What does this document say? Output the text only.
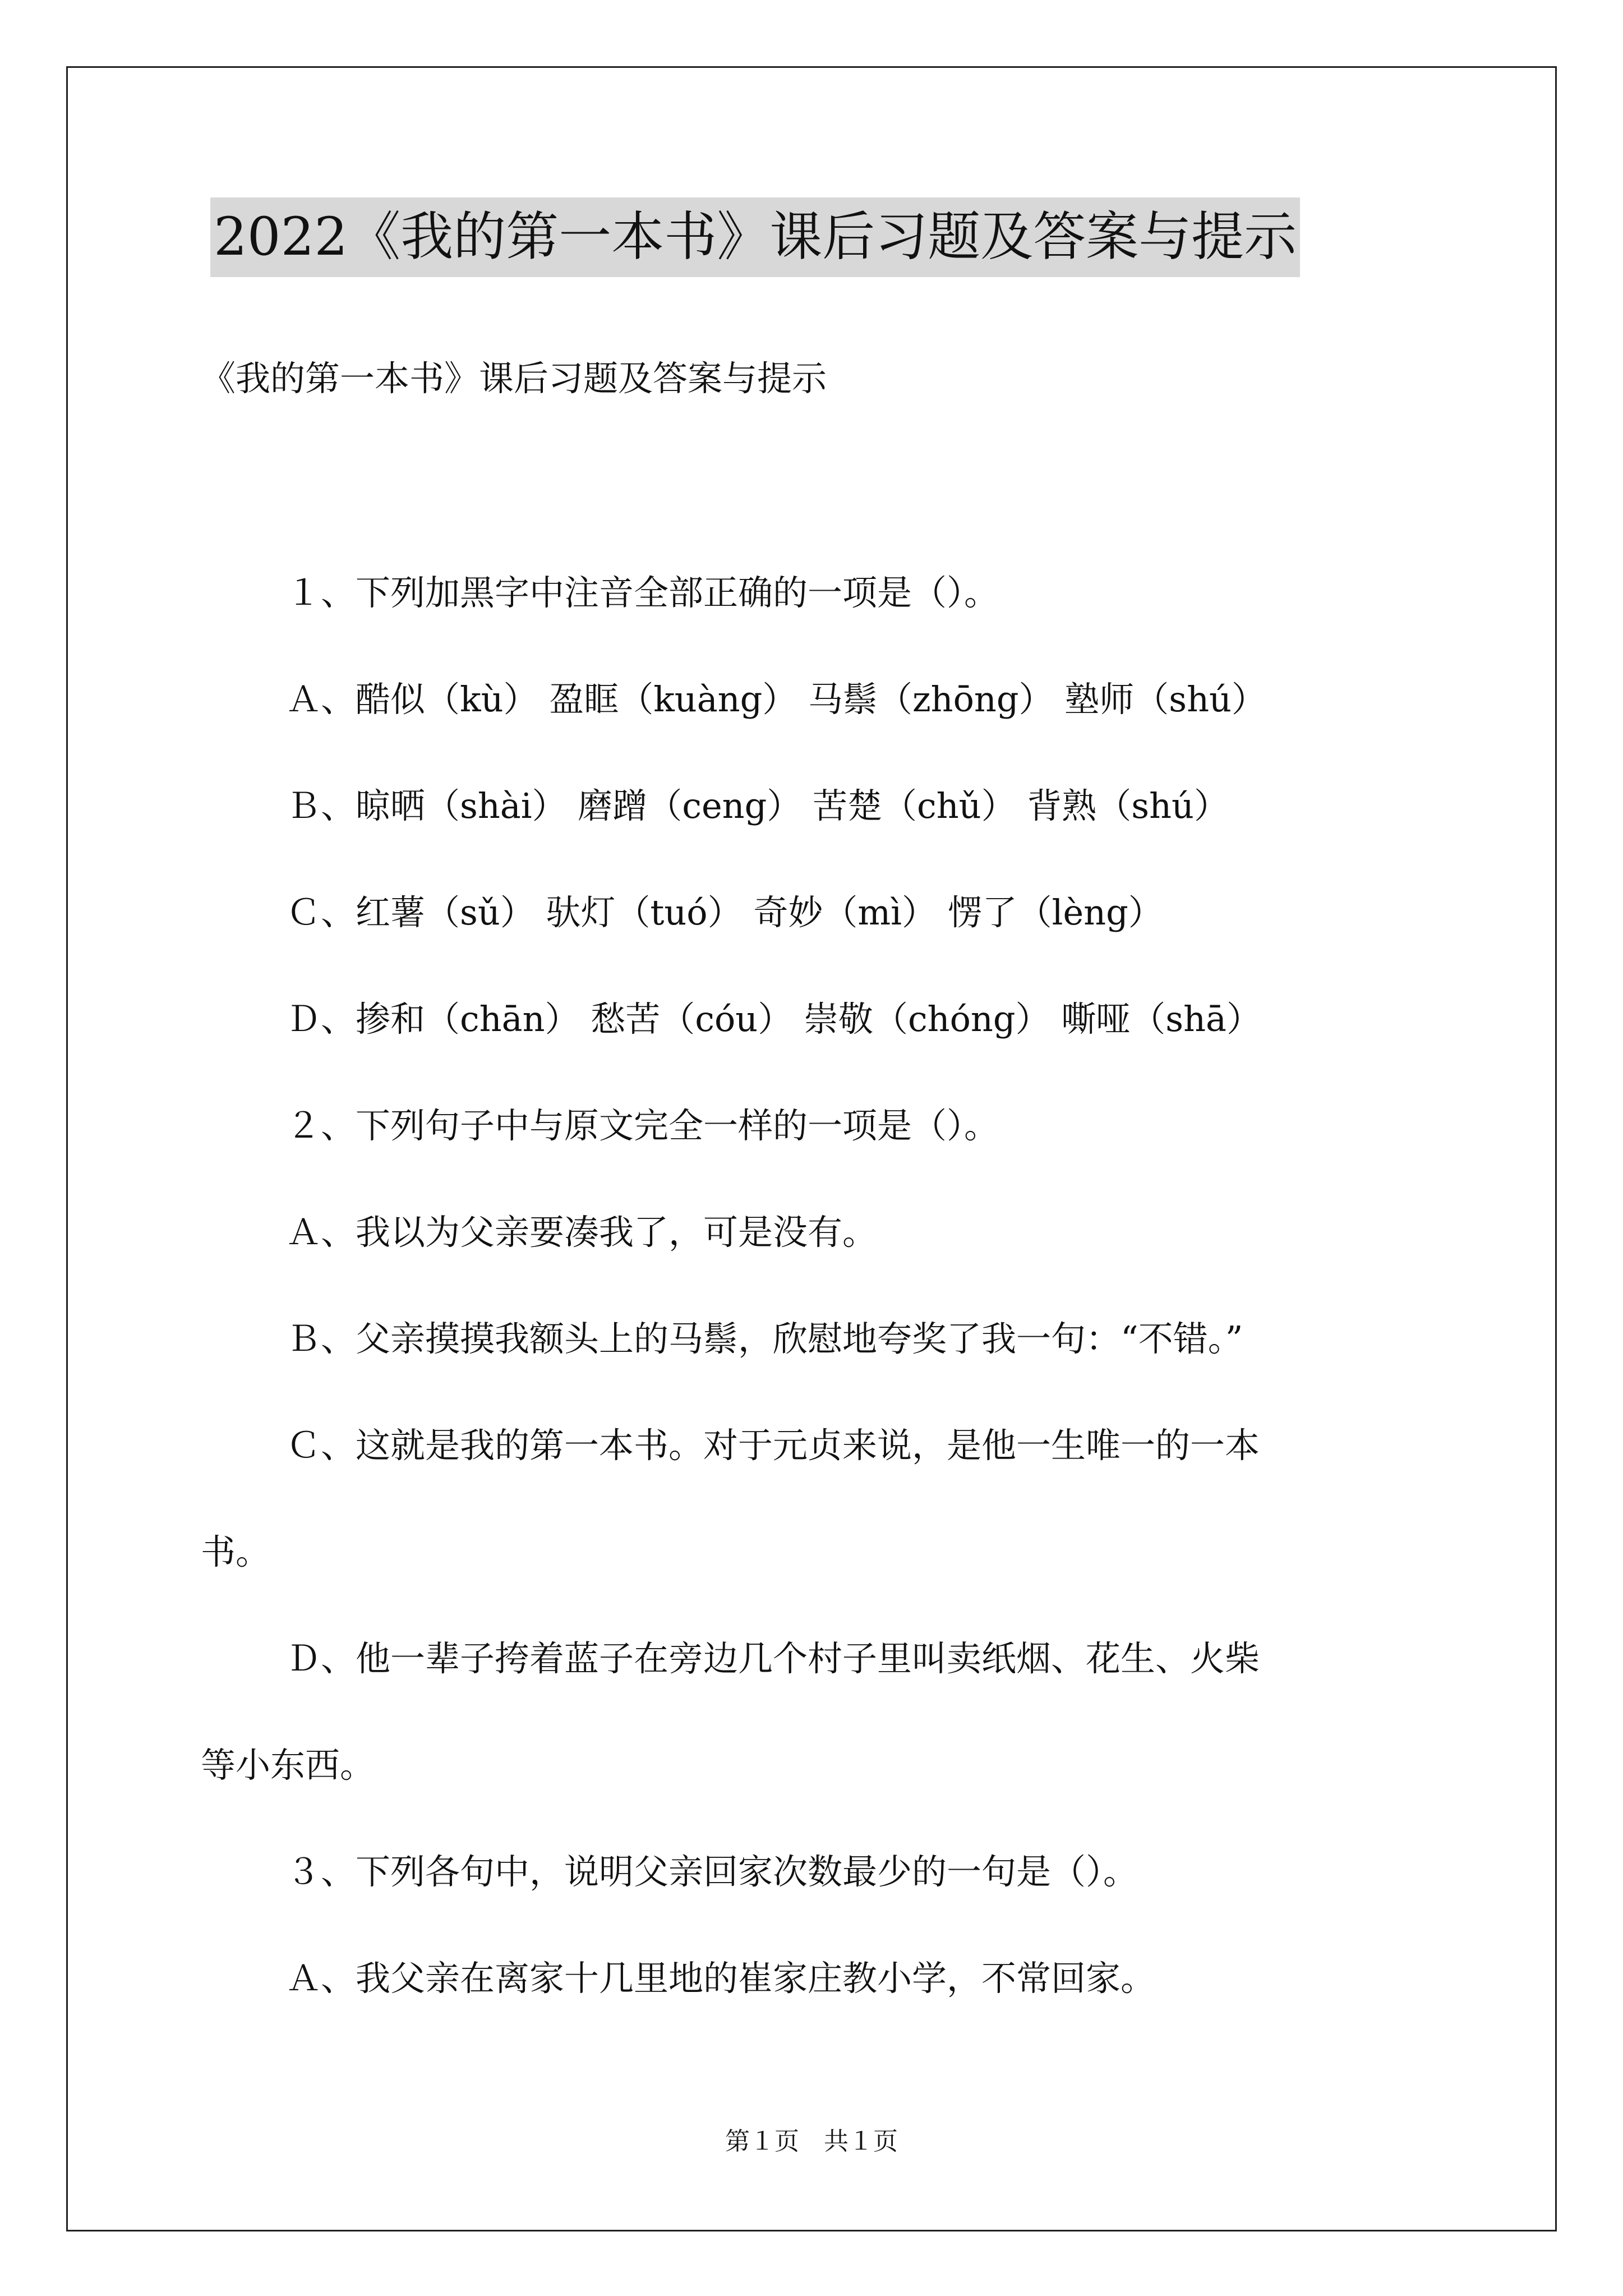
2022《我的第一本书》课后习题及答案与提示
《我的第一本书》课后习题及答案与提示
１、下列加黑字中注音全部正确的一项是（）。
Ａ、酷似（kù） 盈眶（kuàng） 马鬃（zhōng） 塾师（shú）
Ｂ、晾晒（shài） 磨蹭（ceng） 苦楚（chǔ） 背熟（shú）
Ｃ、红薯（sǔ） 驮灯（tuó） 奇妙（mì） 愣了（lèng）
Ｄ、掺和（chān） 愁苦（cóu） 崇敬（chóng） 嘶哑（shā）
２、下列句子中与原文完全一样的一项是（）。
Ａ、我以为父亲要凑我了，可是没有。
Ｂ、父亲摸摸我额头上的马鬃，欣慰地夸奖了我一句：“不错。”
Ｃ、这就是我的第一本书。对于元贞来说，是他一生唯一的一本
书。
Ｄ、他一辈子挎着蓝子在旁边几个村子里叫卖纸烟、花生、火柴
等小东西。
３、下列各句中，说明父亲回家次数最少的一句是（）。
Ａ、我父亲在离家十几里地的崔家庄教小学，不常回家。
第１页　共１页
